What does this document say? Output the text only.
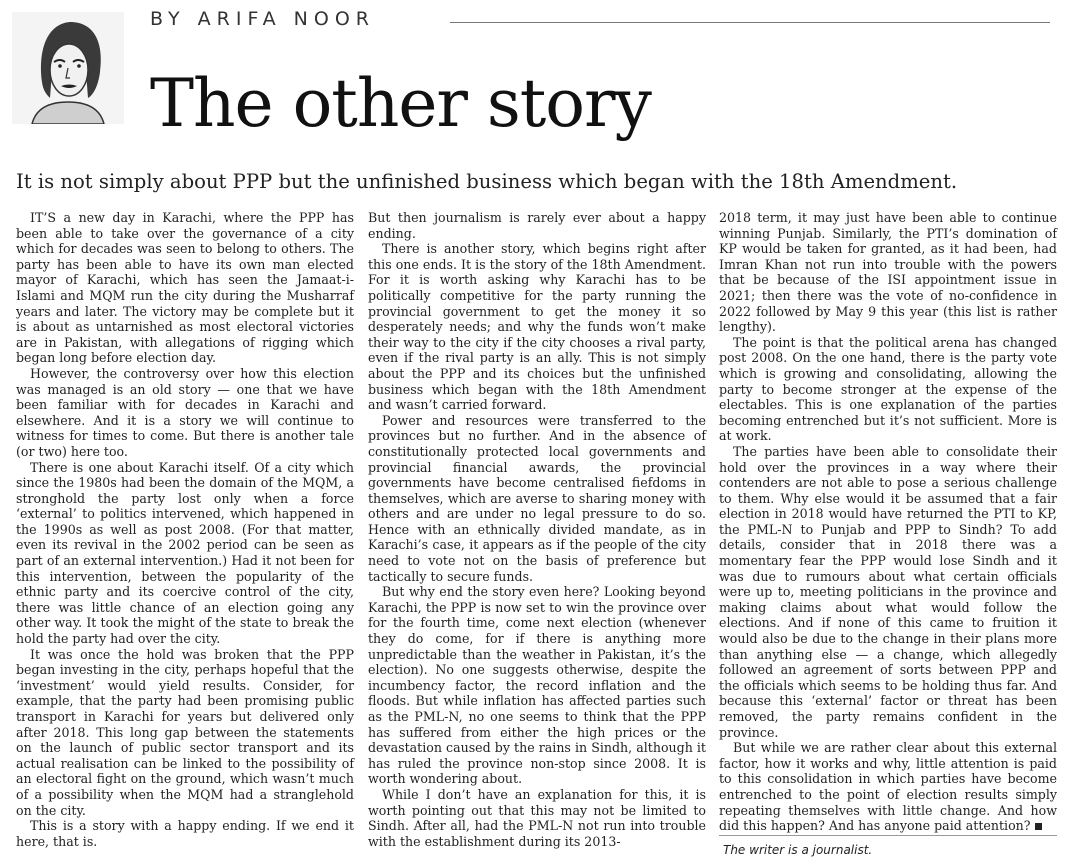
BY ARIFA NOOR
The other story
It is not simply about PPP but the unfinished business which began with the 18th Amendment.

IT’S a new day in Karachi, where the PPP has been able to take over the governance of a city which for decades was seen to belong to others. The party has been able to have its own man elected mayor of Karachi, which has seen the Jamaat-i-Islami and MQM run the city during the Musharraf years and later. The victory may be complete but it is about as untarnished as most electoral victories are in Pakistan, with allegations of rigging which began long before election day.

However, the controversy over how this election was managed is an old story — one that we have been familiar with for decades in Karachi and elsewhere. And it is a story we will continue to witness for times to come. But there is another tale (or two) here too.

There is one about Karachi itself. Of a city which since the 1980s had been the domain of the MQM, a stronghold the party lost only when a force ‘external’ to politics intervened, which happened in the 1990s as well as post 2008. (For that matter, even its revival in the 2002 period can be seen as part of an external intervention.) Had it not been for this intervention, between the popularity of the ethnic party and its coercive control of the city, there was little chance of an election going any other way. It took the might of the state to break the hold the party had over the city.

It was once the hold was broken that the PPP began investing in the city, perhaps hopeful that the ‘investment’ would yield results. Consider, for example, that the party had been promising public transport in Karachi for years but delivered only after 2018. This long gap between the statements on the launch of public sector transport and its actual realisation can be linked to the possibility of an electoral fight on the ground, which wasn’t much of a possibility when the MQM had a stranglehold on the city.

This is a story with a happy ending. If we end it here, that is.

But then journalism is rarely ever about a happy ending.

There is another story, which begins right after this one ends. It is the story of the 18th Amendment. For it is worth asking why Karachi has to be politically competitive for the party running the provincial government to get the money it so desperately needs; and why the funds won’t make their way to the city if the city chooses a rival party, even if the rival party is an ally. This is not simply about the PPP and its choices but the unfinished business which began with the 18th Amendment and wasn’t carried forward.

Power and resources were transferred to the provinces but no further. And in the absence of constitutionally protected local governments and provincial financial awards, the provincial governments have become centralised fiefdoms in themselves, which are averse to sharing money with others and are under no legal pressure to do so. Hence with an ethnically divided mandate, as in Karachi’s case, it appears as if the people of the city need to vote not on the basis of preference but tactically to secure funds.

But why end the story even here? Looking beyond Karachi, the PPP is now set to win the province over for the fourth time, come next election (whenever they do come, for if there is anything more unpredictable than the weather in Pakistan, it’s the election). No one suggests otherwise, despite the incumbency factor, the record inflation and the floods. But while inflation has affected parties such as the PML-N, no one seems to think that the PPP has suffered from either the high prices or the devastation caused by the rains in Sindh, although it has ruled the province non-stop since 2008. It is worth wondering about.

While I don’t have an explanation for this, it is worth pointing out that this may not be limited to Sindh. After all, had the PML-N not run into trouble with the establishment during its 2013-

2018 term, it may just have been able to continue winning Punjab. Similarly, the PTI’s domination of KP would be taken for granted, as it had been, had Imran Khan not run into trouble with the powers that be because of the ISI appointment issue in 2021; then there was the vote of no-confidence in 2022 followed by May 9 this year (this list is rather lengthy).

The point is that the political arena has changed post 2008. On the one hand, there is the party vote which is growing and consolidating, allowing the party to become stronger at the expense of the electables. This is one explanation of the parties becoming entrenched but it’s not sufficient. More is at work.

The parties have been able to consolidate their hold over the provinces in a way where their contenders are not able to pose a serious challenge to them. Why else would it be assumed that a fair election in 2018 would have returned the PTI to KP, the PML-N to Punjab and PPP to Sindh? To add details, consider that in 2018 there was a momentary fear the PPP would lose Sindh and it was due to rumours about what certain officials were up to, meeting politicians in the province and making claims about what would follow the elections. And if none of this came to fruition it would also be due to the change in their plans more than anything else — a change, which allegedly followed an agreement of sorts between PPP and the officials which seems to be holding thus far. And because this ‘external’ factor or threat has been removed, the party remains confident in the province.

But while we are rather clear about this external factor, how it works and why, little attention is paid to this consolidation in which parties have become entrenched to the point of election results simply repeating themselves with little change. And how did this happen? And has anyone paid attention?

The writer is a journalist.
